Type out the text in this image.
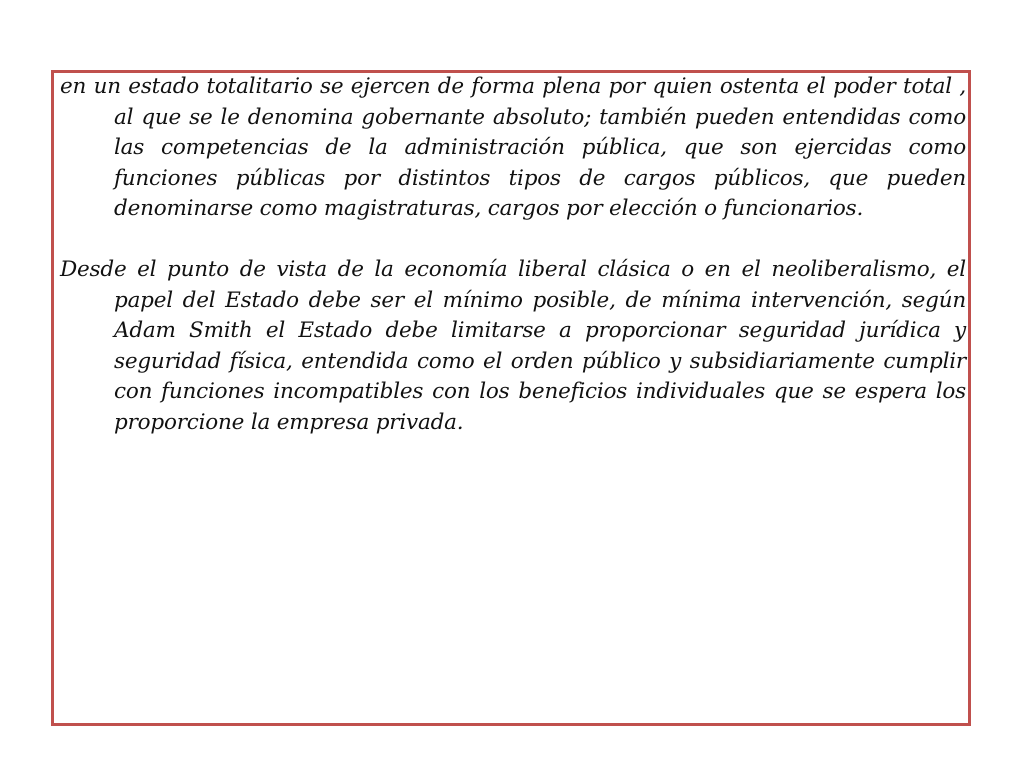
en un estado totalitario se ejercen de forma plena por quien ostenta el poder total , al que se le denomina gobernante absoluto; también pueden entendidas como las competencias de la administración pública, que son ejercidas como funciones públicas por distintos tipos de cargos públicos, que pueden denominarse como magistraturas, cargos por elección o funcionarios.

Desde el punto de vista de la economía liberal clásica o en el neoliberalismo, el papel del Estado debe ser el mínimo posible, de mínima intervención, según Adam Smith el Estado debe limitarse a proporcionar seguridad jurídica y seguridad física, entendida como el orden público y subsidiariamente cumplir con funciones incompatibles con los beneficios individuales que se espera los proporcione la empresa privada.
